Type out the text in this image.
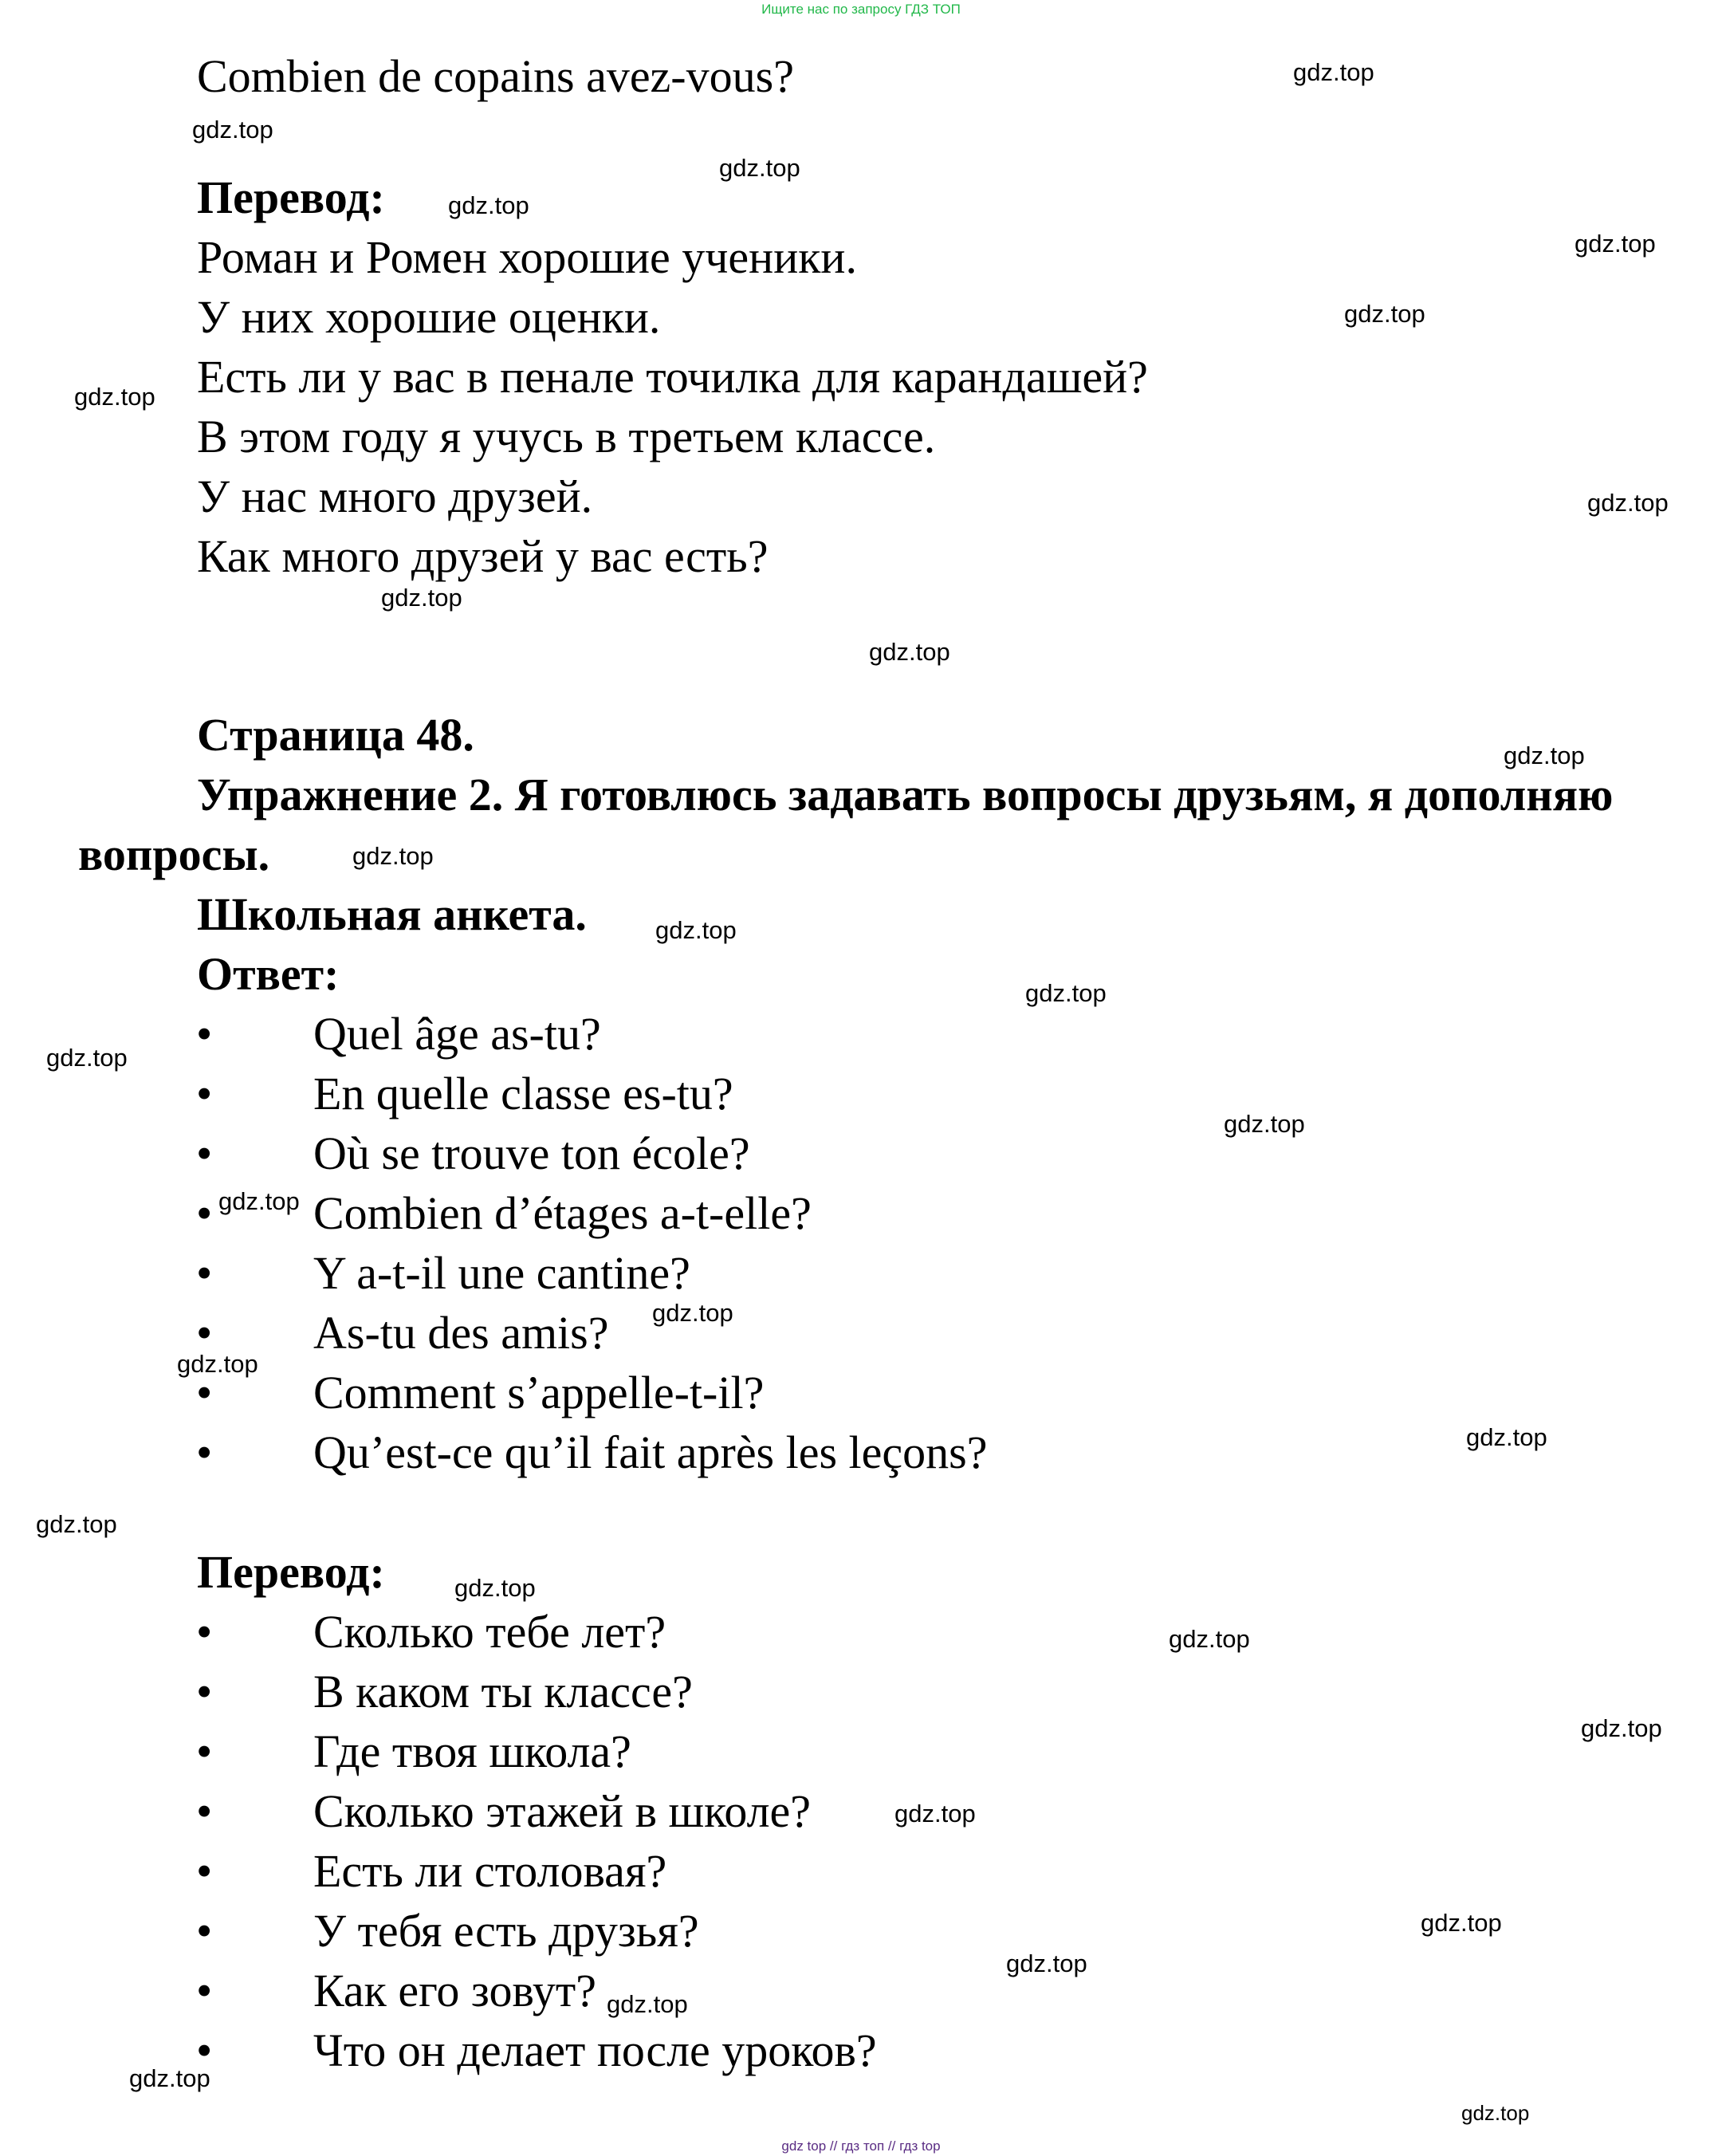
Ищите нас по запросу ГДЗ ТОП
Combien de copains avez-vous?
Перевод:
Роман и Ромен хорошие ученики.
У них хорошие оценки.
Есть ли у вас в пенале точилка для карандашей?
В этом году я учусь в третьем классе.
У нас много друзей.
Как много друзей у вас есть?
Страница 48.
Упражнение 2. Я готовлюсь задавать вопросы друзьям, я дополняю
вопросы.
Школьная анкета.
Ответ:
• Quel âge as-tu?
• En quelle classe es-tu?
• Où se trouve ton école?
• Combien d’étages a-t-elle?
• Y a-t-il une cantine?
• As-tu des amis?
• Comment s’appelle-t-il?
• Qu’est-ce qu’il fait après les leçons?
Перевод:
• Сколько тебе лет?
• В каком ты классе?
• Где твоя школа?
• Сколько этажей в школе?
• Есть ли столовая?
• У тебя есть друзья?
• Как его зовут?
• Что он делает после уроков?
gdz.top
gdz.top
gdz.top
gdz.top
gdz.top
gdz.top
gdz.top
gdz.top
gdz.top
gdz.top
gdz.top
gdz.top
gdz.top
gdz.top
gdz.top
gdz.top
gdz.top
gdz.top
gdz.top
gdz.top
gdz.top
gdz.top
gdz.top
gdz.top
gdz.top
gdz.top
gdz.top
gdz.top
gdz.top
gdz.top
gdz top // гдз топ // гдз top
